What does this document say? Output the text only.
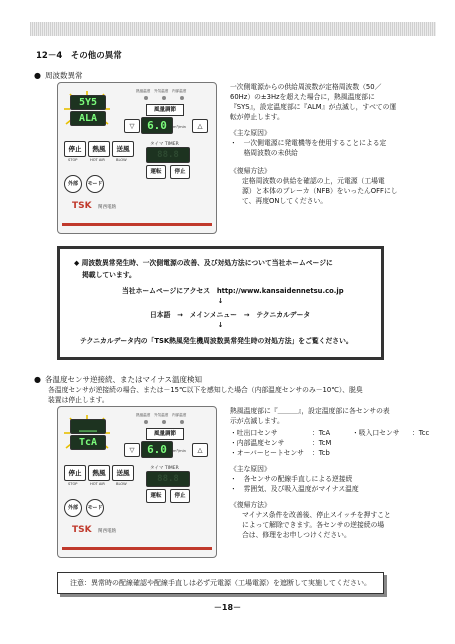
12－4　その他の異常
● 周波数異常
5Y5
ALA
熱風温度　 外気温度　 内部温度
風量調節
▽	6.0	m³/min	△
停止	熱風	送風
STOP	HOT AIR	BLOW
タイマ TIMER
88.8
運転	停止
外部	モード
TSK 関西電熱
一次側電源からの供給周波数が定格周波数（50／
60Hz）の±3Hzを超えた場合に，熱風温度部に
『SYS』，設定温度部に『ALM』が点滅し，すべての運
転が停止します。
《主な原因》
・　一次側電源に発電機等を使用することによる定
　　格周波数の未供給
《復帰方法》
定格周波数の供給を確認の上，元電源（工場電
源）と本体のブレーカ（NFB）をいったんOFFにし
て、再度ONしてください。
◆ 周波数異常発生時、一次側電源の改善、及び対処方法について当社ホームページに
掲載しています。
当社ホームページにアクセス　 http://www.kansaidennetsu.co.jp
↓
日本語　→　メインメニュー　→　テクニカルデータ
↓
テクニカルデータ内の「TSK熱風発生機周波数異常発生時の対処方法」をご覧ください。
● 各温度センサ逆接続、またはマイナス温度検知
各温度センサが逆接続の場合、または－15℃以下を感知した場合（内部温度センサのみ－10℃）、脱臭
装置は停止します。
___
TcA
熱風温度　 外気温度　 内部温度
風量調節
▽	6.0	m³/min	△
停止	熱風	送風
STOP	HOT AIR	BLOW
タイマ TIMER
88.8
運転	停止
外部	モード
TSK 関西電熱
熱風温度部に『＿＿＿』，設定温度部に各センサの表
示が点滅します。
・吐出口センサ	：TcA	・吸入口センサ ：Tcc
・内部温度センサ	：TcM
・オーバーヒートセンサ ：Tcb
《主な原因》
・　各センサの配線手直しによる逆接続
・　雰囲気、及び吸入温度がマイナス温度
《復帰方法》
マイナス条件を改善後、停止スイッチを押すこと
によって解除できます。各センサの逆接続の場
合は、修理をお申しつけください。
注意：異常時の配線確認や配線手直しは必ず元電源（工場電源）を遮断して実施してください。
－18－
